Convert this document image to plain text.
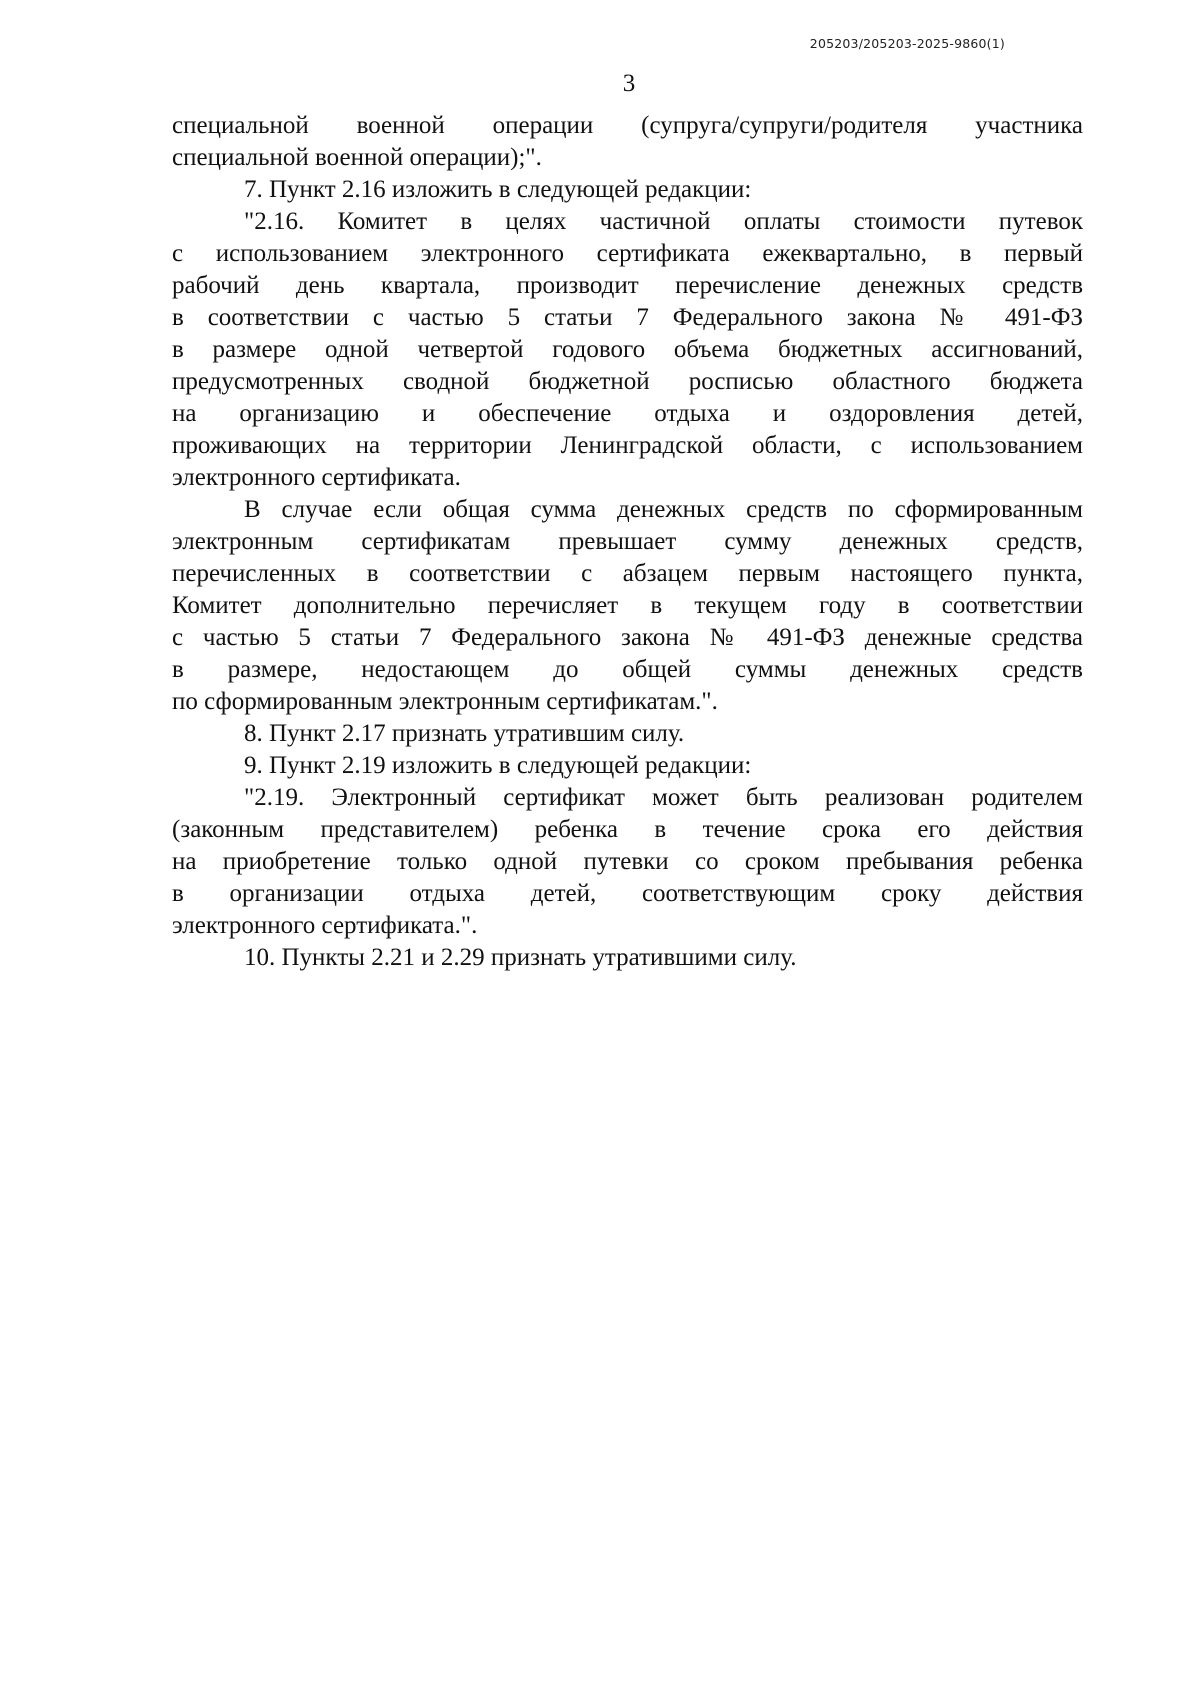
205203/205203-2025-9860(1)
3

специальной военной операции (супруга/супруги/родителя участника
специальной военной операции);".

7. Пункт 2.16 изложить в следующей редакции:

"2.16. Комитет в целях частичной оплаты стоимости путевок
с использованием электронного сертификата ежеквартально, в первый
рабочий день квартала, производит перечисление денежных средств
в соответствии с частью 5 статьи 7 Федерального закона № 491-ФЗ
в размере одной четвертой годового объема бюджетных ассигнований,
предусмотренных сводной бюджетной росписью областного бюджета
на организацию и обеспечение отдыха и оздоровления детей,
проживающих на территории Ленинградской области, с использованием
электронного сертификата.

В случае если общая сумма денежных средств по сформированным
электронным сертификатам превышает сумму денежных средств,
перечисленных в соответствии с абзацем первым настоящего пункта,
Комитет дополнительно перечисляет в текущем году в соответствии
с частью 5 статьи 7 Федерального закона № 491-ФЗ денежные средства
в размере, недостающем до общей суммы денежных средств
по сформированным электронным сертификатам.".

8. Пункт 2.17 признать утратившим силу.

9. Пункт 2.19 изложить в следующей редакции:

"2.19. Электронный сертификат может быть реализован родителем
(законным представителем) ребенка в течение срока его действия
на приобретение только одной путевки со сроком пребывания ребенка
в организации отдыха детей, соответствующим сроку действия
электронного сертификата.".

10. Пункты 2.21 и 2.29 признать утратившими силу.
